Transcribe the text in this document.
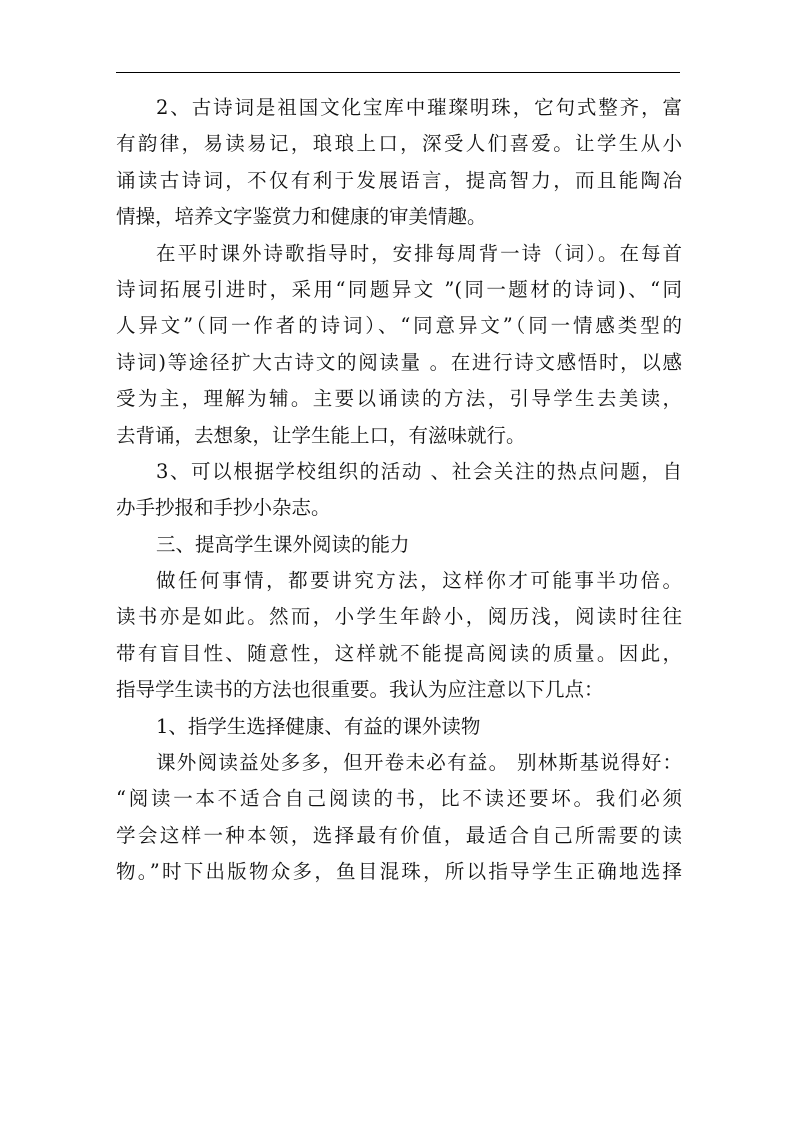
2、古诗词是祖国文化宝库中璀璨明珠，它句式整齐，富
有韵律，易读易记，琅琅上口，深受人们喜爱。让学生从小
诵读古诗词，不仅有利于发展语言，提高智力，而且能陶冶
情操，培养文字鉴赏力和健康的审美情趣。
在平时课外诗歌指导时，安排每周背一诗（词）。在每首
诗词拓展引进时，采用“同题异文 ”(同一题材的诗词)、“同
人异文”（同一作者的诗词）、“同意异文”（同一情感类型的
诗词)等途径扩大古诗文的阅读量 。在进行诗文感悟时，以感
受为主，理解为辅。主要以诵读的方法，引导学生去美读，
去背诵，去想象，让学生能上口，有滋味就行。
3、可以根据学校组织的活动 、社会关注的热点问题，自
办手抄报和手抄小杂志。
三、提高学生课外阅读的能力
做任何事情，都要讲究方法，这样你才可能事半功倍。
读书亦是如此。然而，小学生年龄小，阅历浅，阅读时往往
带有盲目性、随意性，这样就不能提高阅读的质量。因此，
指导学生读书的方法也很重要。我认为应注意以下几点：
1、指学生选择健康、有益的课外读物
课外阅读益处多多，但开卷未必有益。 别林斯基说得好：
“阅读一本不适合自己阅读的书，比不读还要坏。我们必须
学会这样一种本领，选择最有价值，最适合自己所需要的读
物。”时下出版物众多，鱼目混珠，所以指导学生正确地选择
